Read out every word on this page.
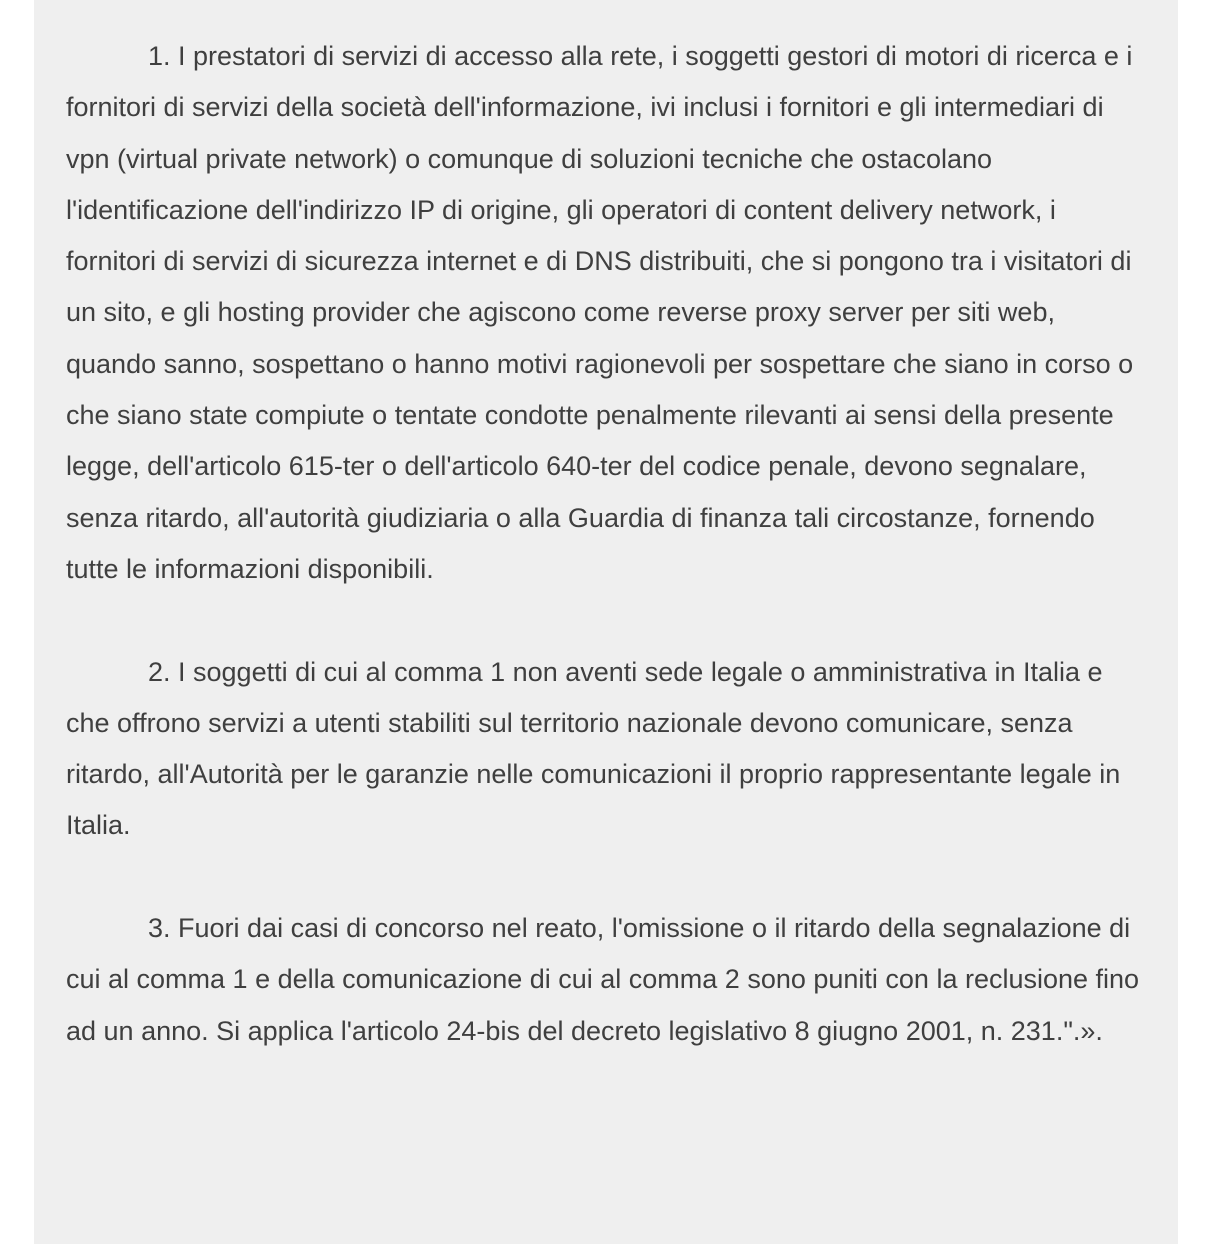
1. I prestatori di servizi di accesso alla rete, i soggetti gestori di motori di ricerca e i fornitori di servizi della società dell'informazione, ivi inclusi i fornitori e gli intermediari di vpn (virtual private network) o comunque di soluzioni tecniche che ostacolano l'identificazione dell'indirizzo IP di origine, gli operatori di content delivery network, i fornitori di servizi di sicurezza internet e di DNS distribuiti, che si pongono tra i visitatori di un sito, e gli hosting provider che agiscono come reverse proxy server per siti web, quando sanno, sospettano o hanno motivi ragionevoli per sospettare che siano in corso o che siano state compiute o tentate condotte penalmente rilevanti ai sensi della presente legge, dell'articolo 615-ter o dell'articolo 640-ter del codice penale, devono segnalare, senza ritardo, all'autorità giudiziaria o alla Guardia di finanza tali circostanze, fornendo tutte le informazioni disponibili.

2. I soggetti di cui al comma 1 non aventi sede legale o amministrativa in Italia e che offrono servizi a utenti stabiliti sul territorio nazionale devono comunicare, senza ritardo, all'Autorità per le garanzie nelle comunicazioni il proprio rappresentante legale in Italia.

3. Fuori dai casi di concorso nel reato, l'omissione o il ritardo della segnalazione di cui al comma 1 e della comunicazione di cui al comma 2 sono puniti con la reclusione fino ad un anno. Si applica l'articolo 24-bis del decreto legislativo 8 giugno 2001, n. 231.".».
